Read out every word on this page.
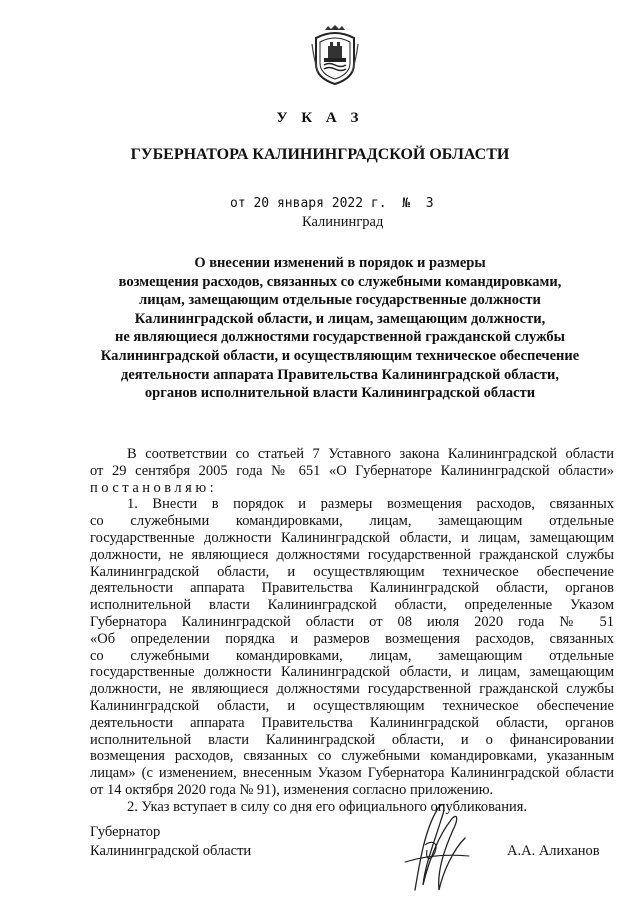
У К А З
ГУБЕРНАТОРА КАЛИНИНГРАДСКОЙ ОБЛАСТИ
от 20 января 2022 г. № 3
Калининград
О внесении изменений в порядок и размеры
возмещения расходов, связанных со служебными командировками,
лицам, замещающим отдельные государственные должности
Калининградской области, и лицам, замещающим должности,
не являющиеся должностями государственной гражданской службы
Калининградской области, и осуществляющим техническое обеспечение
деятельности аппарата Правительства Калининградской области,
органов исполнительной власти Калининградской области
В соответствии со статьей 7 Уставного закона Калининградской области
от 29 сентября 2005 года № 651 «О Губернаторе Калининградской области»
постановляю:
1. Внести в порядок и размеры возмещения расходов, связанных
со служебными командировками, лицам, замещающим отдельные
государственные должности Калининградской области, и лицам, замещающим
должности, не являющиеся должностями государственной гражданской службы
Калининградской области, и осуществляющим техническое обеспечение
деятельности аппарата Правительства Калининградской области, органов
исполнительной власти Калининградской области, определенные Указом
Губернатора Калининградской области от 08 июля 2020 года № 51
«Об определении порядка и размеров возмещения расходов, связанных
со служебными командировками, лицам, замещающим отдельные
государственные должности Калининградской области, и лицам, замещающим
должности, не являющиеся должностями государственной гражданской службы
Калининградской области, и осуществляющим техническое обеспечение
деятельности аппарата Правительства Калининградской области, органов
исполнительной власти Калининградской области, и о финансировании
возмещения расходов, связанных со служебными командировками, указанным
лицам» (с изменением, внесенным Указом Губернатора Калининградской области
от 14 октября 2020 года № 91), изменения согласно приложению.
2. Указ вступает в силу со дня его официального опубликования.
Губернатор
Калининградской области	А.А. Алиханов
